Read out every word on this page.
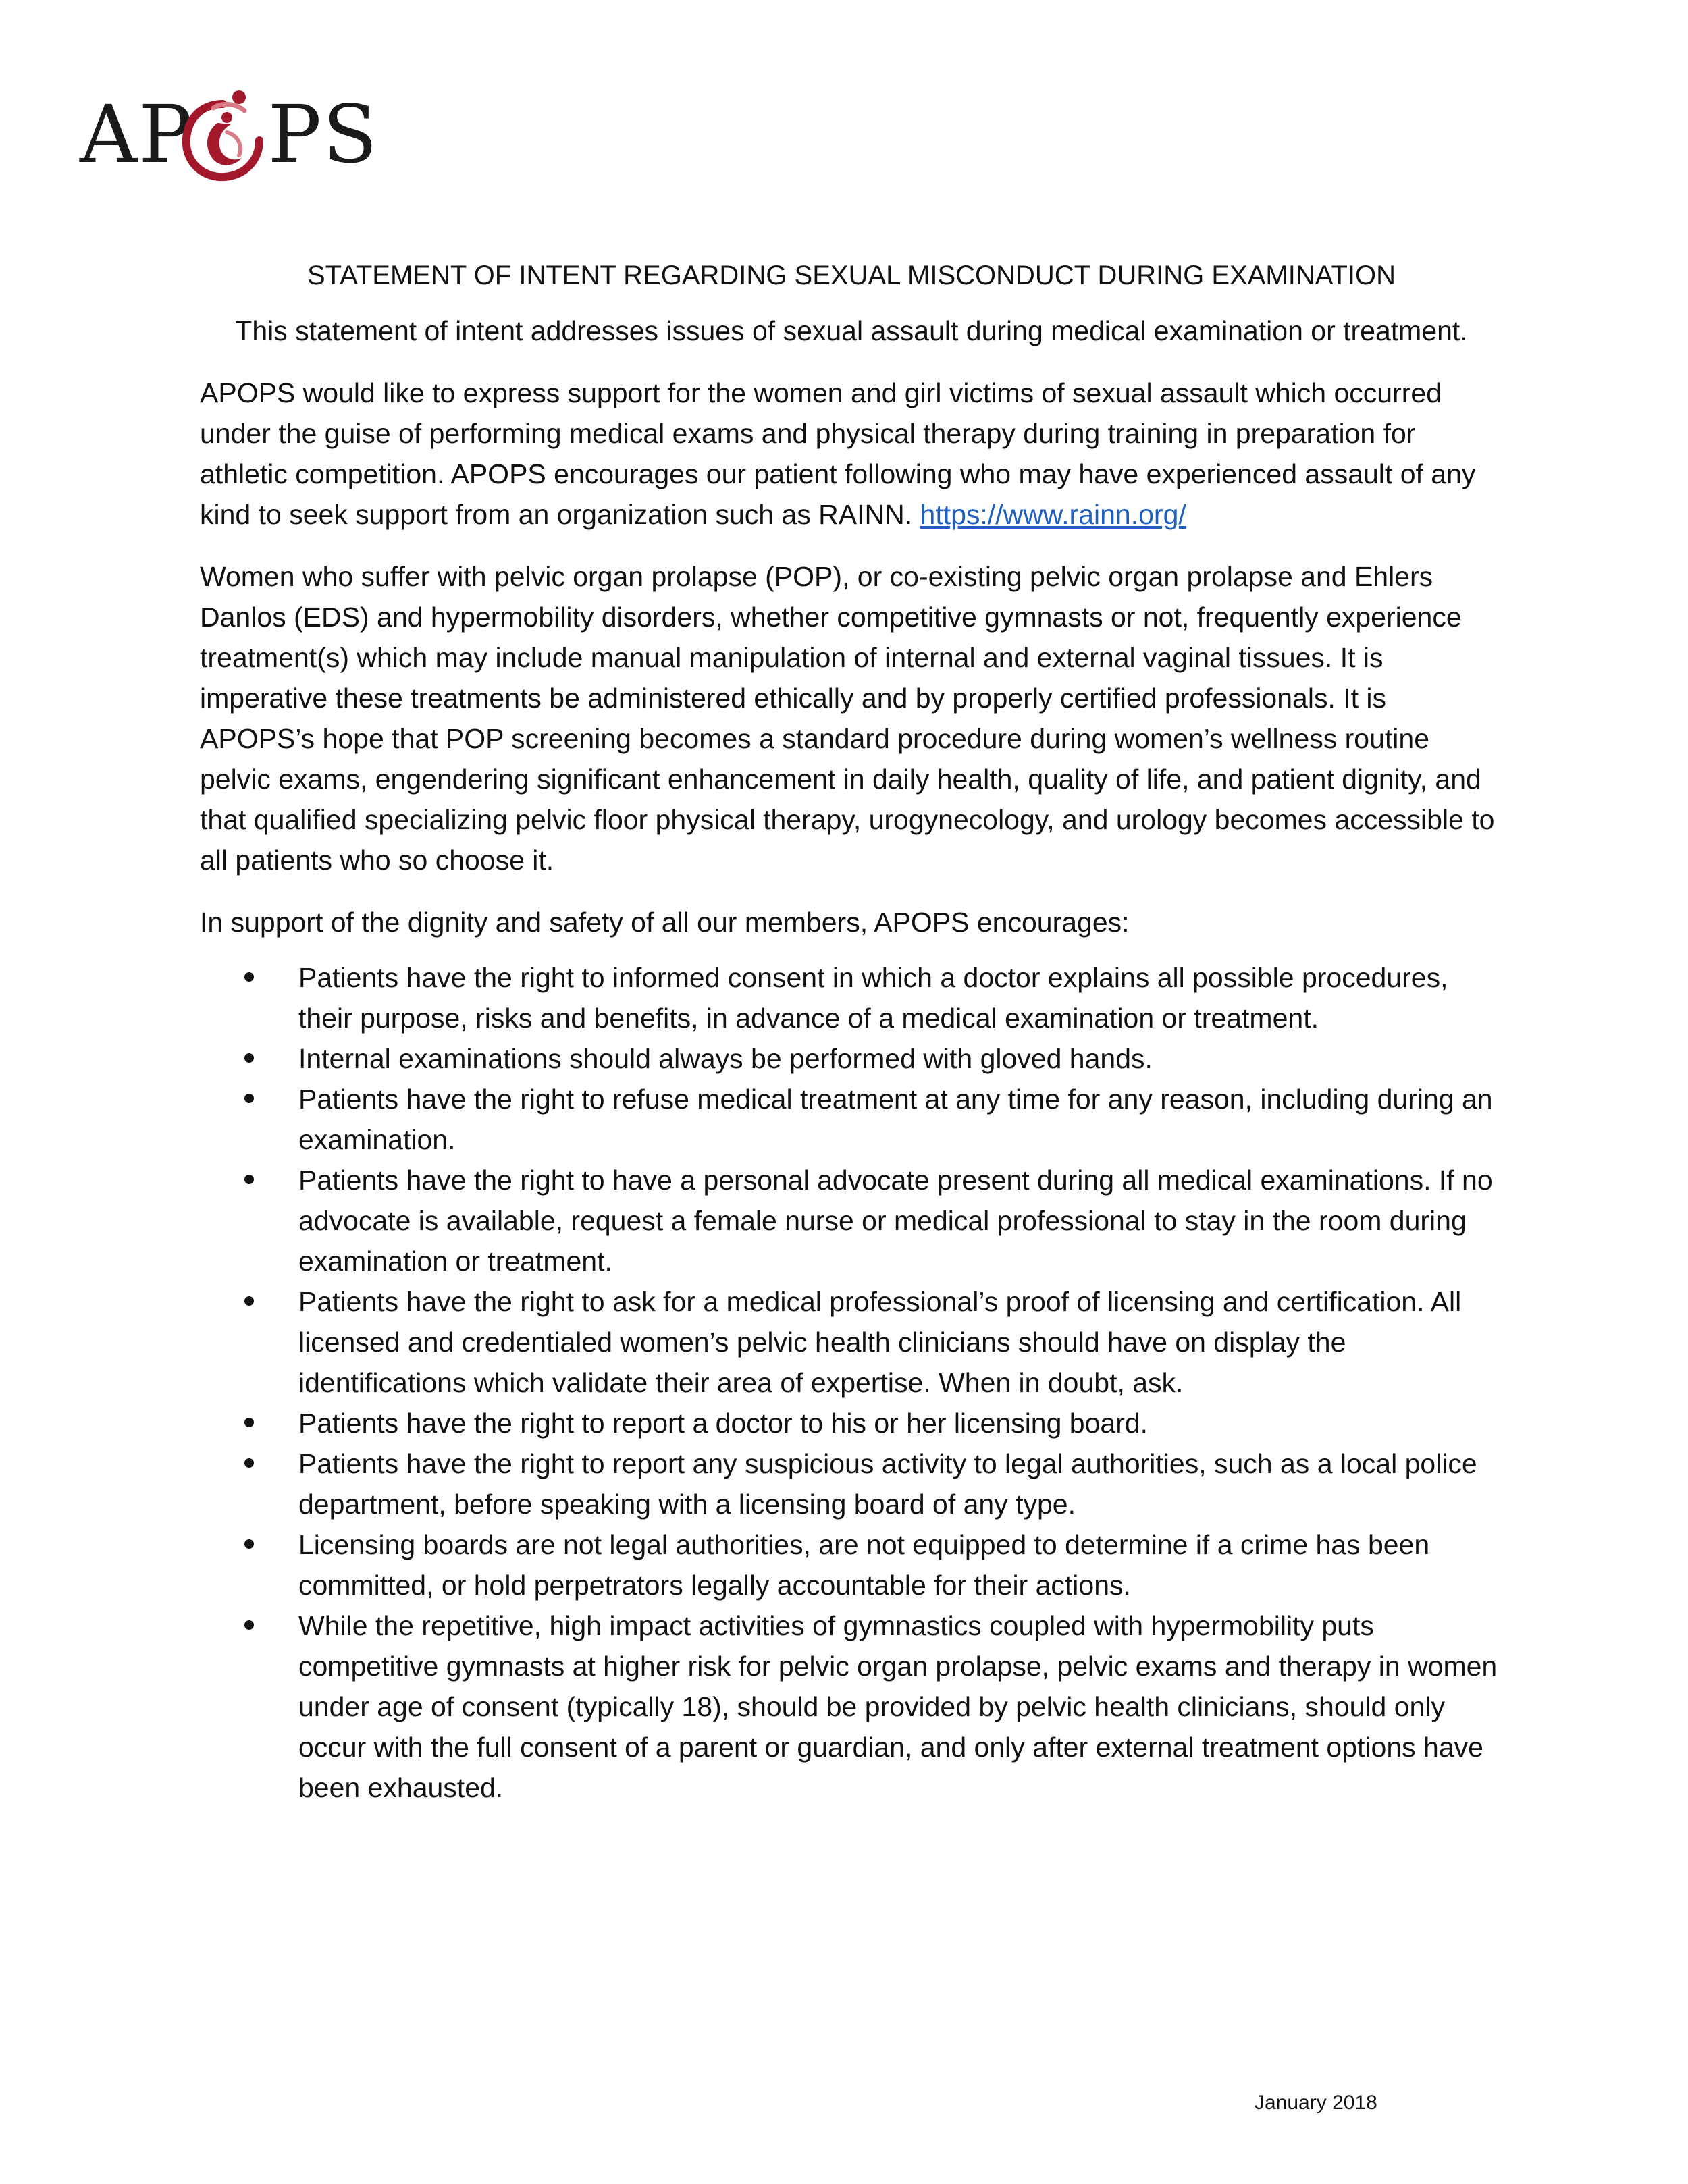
AP PS
STATEMENT OF INTENT REGARDING SEXUAL MISCONDUCT DURING EXAMINATION
This statement of intent addresses issues of sexual assault during medical examination or treatment.

APOPS would like to express support for the women and girl victims of sexual assault which occurred under the guise of performing medical exams and physical therapy during training in preparation for athletic competition. APOPS encourages our patient following who may have experienced assault of any kind to seek support from an organization such as RAINN. https://www.rainn.org/

Women who suffer with pelvic organ prolapse (POP), or co-existing pelvic organ prolapse and Ehlers Danlos (EDS) and hypermobility disorders, whether competitive gymnasts or not, frequently experience treatment(s) which may include manual manipulation of internal and external vaginal tissues. It is imperative these treatments be administered ethically and by properly certified professionals. It is APOPS’s hope that POP screening becomes a standard procedure during women’s wellness routine pelvic exams, engendering significant enhancement in daily health, quality of life, and patient dignity, and that qualified specializing pelvic floor physical therapy, urogynecology, and urology becomes accessible to all patients who so choose it.

In support of the dignity and safety of all our members, APOPS encourages:

Patients have the right to informed consent in which a doctor explains all possible procedures, their purpose, risks and benefits, in advance of a medical examination or treatment.
Internal examinations should always be performed with gloved hands.
Patients have the right to refuse medical treatment at any time for any reason, including during an examination.
Patients have the right to have a personal advocate present during all medical examinations. If no advocate is available, request a female nurse or medical professional to stay in the room during examination or treatment.
Patients have the right to ask for a medical professional’s proof of licensing and certification. All licensed and credentialed women’s pelvic health clinicians should have on display the identifications which validate their area of expertise. When in doubt, ask.
Patients have the right to report a doctor to his or her licensing board.
Patients have the right to report any suspicious activity to legal authorities, such as a local police department, before speaking with a licensing board of any type.
Licensing boards are not legal authorities, are not equipped to determine if a crime has been committed, or hold perpetrators legally accountable for their actions.
While the repetitive, high impact activities of gymnastics coupled with hypermobility puts competitive gymnasts at higher risk for pelvic organ prolapse, pelvic exams and therapy in women under age of consent (typically 18), should be provided by pelvic health clinicians, should only occur with the full consent of a parent or guardian, and only after external treatment options have been exhausted.
January 2018
